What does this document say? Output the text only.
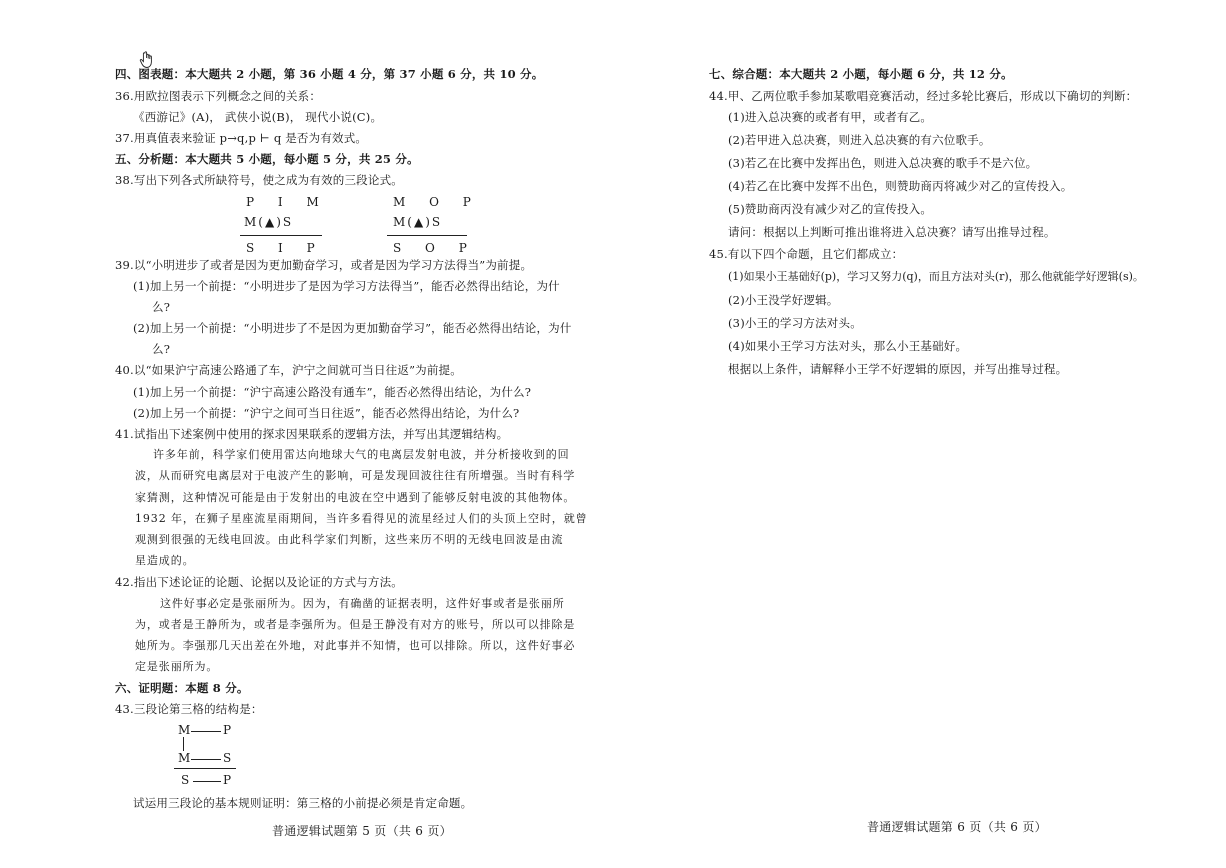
四、图表题：本大题共 2 小题，第 36 小题 4 分，第 37 小题 6 分，共 10 分。
36.用欧拉图表示下列概念之间的关系：
《西游记》(A)， 武侠小说(B)， 现代小说(C)。
37.用真值表来验证 p→q,p ⊢ q 是否为有效式。
五、分析题：本大题共 5 小题，每小题 5 分，共 25 分。
38.写出下列各式所缺符号，使之成为有效的三段论式。
P I M
M(▲)S
S I P
M O P
M(▲)S
S O P
39.以“小明进步了或者是因为更加勤奋学习，或者是因为学习方法得当”为前提。
(1)加上另一个前提：“小明进步了是因为学习方法得当”，能否必然得出结论，为什
么?
(2)加上另一个前提：“小明进步了不是因为更加勤奋学习”，能否必然得出结论，为什
么?
40.以“如果沪宁高速公路通了车，沪宁之间就可当日往返”为前提。
(1)加上另一个前提：“沪宁高速公路没有通车”，能否必然得出结论，为什么?
(2)加上另一个前提：“沪宁之间可当日往返”，能否必然得出结论，为什么?
41.试指出下述案例中使用的探求因果联系的逻辑方法，并写出其逻辑结构。
许多年前，科学家们使用雷达向地球大气的电离层发射电波，并分析接收到的回
波，从而研究电离层对于电波产生的影响，可是发现回波往往有所增强。当时有科学
家猜测，这种情况可能是由于发射出的电波在空中遇到了能够反射电波的其他物体。
1932 年，在狮子星座流星雨期间，当许多看得见的流星经过人们的头顶上空时，就曾
观测到很强的无线电回波。由此科学家们判断，这些来历不明的无线电回波是由流
星造成的。
42.指出下述论证的论题、论据以及论证的方式与方法。
这件好事必定是张丽所为。因为，有确凿的证据表明，这件好事或者是张丽所
为，或者是王静所为，或者是李强所为。但是王静没有对方的账号，所以可以排除是
她所为。李强那几天出差在外地，对此事并不知情，也可以排除。所以，这件好事必
定是张丽所为。
六、证明题：本题 8 分。
43.三段论第三格的结构是：
M	P
M	S
S	P
试运用三段论的基本规则证明：第三格的小前提必须是肯定命题。
普通逻辑试题第 5 页（共 6 页）
七、综合题：本大题共 2 小题，每小题 6 分，共 12 分。
44.甲、乙两位歌手参加某歌唱竞赛活动，经过多轮比赛后，形成以下确切的判断：
(1)进入总决赛的或者有甲，或者有乙。
(2)若甲进入总决赛，则进入总决赛的有六位歌手。
(3)若乙在比赛中发挥出色，则进入总决赛的歌手不是六位。
(4)若乙在比赛中发挥不出色，则赞助商丙将减少对乙的宣传投入。
(5)赞助商丙没有减少对乙的宣传投入。
请问：根据以上判断可推出谁将进入总决赛？请写出推导过程。
45.有以下四个命题，且它们都成立：
(1)如果小王基础好(p)，学习又努力(q)，而且方法对头(r)，那么他就能学好逻辑(s)。
(2)小王没学好逻辑。
(3)小王的学习方法对头。
(4)如果小王学习方法对头，那么小王基础好。
根据以上条件，请解释小王学不好逻辑的原因，并写出推导过程。
普通逻辑试题第 6 页（共 6 页）
